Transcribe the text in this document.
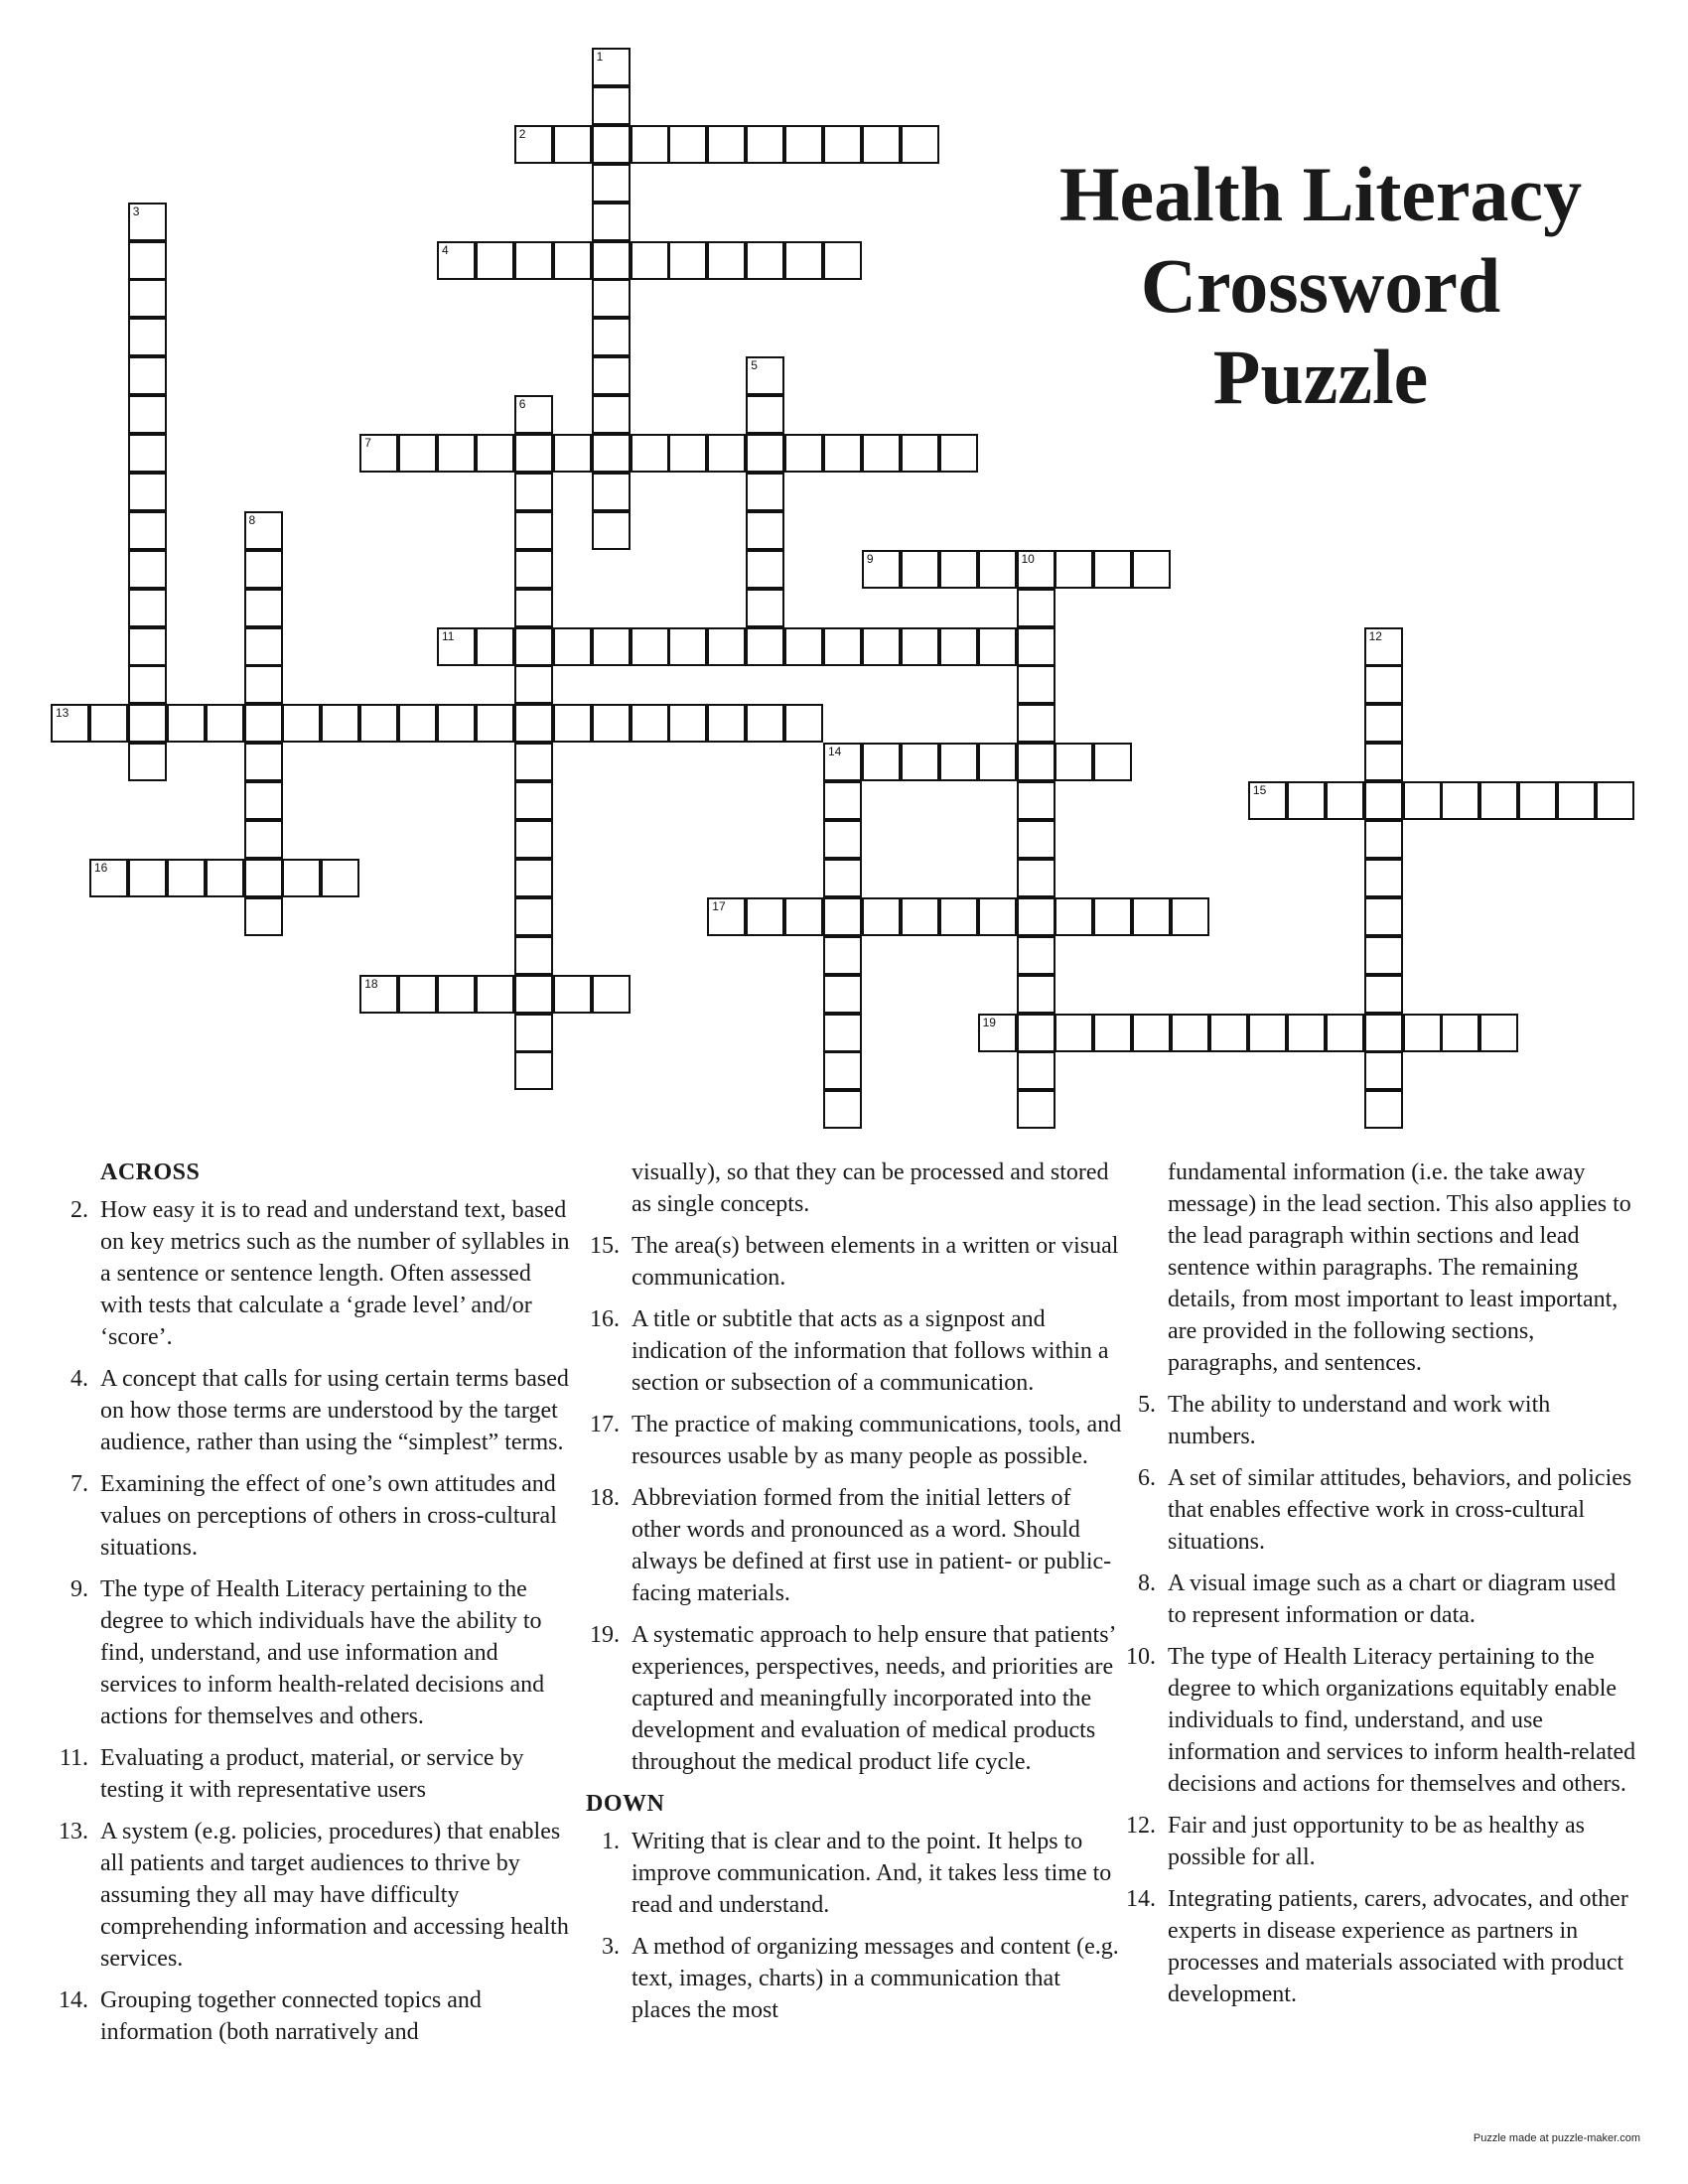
1
2
3
4
5
6
7
8
9	10
11	12
13
14
15
16
17
18
19
Health Literacy
Crossword
Puzzle
ACROSS
2. How easy it is to read and understand text, based on key metrics such as the number of syllables in a sentence or sentence length. Often assessed with tests that calculate a ‘grade level’ and/or ‘score’.
4. A concept that calls for using certain terms based on how those terms are understood by the target audience, rather than using the “simplest” terms.
7. Examining the effect of one’s own attitudes and values on perceptions of others in cross-cultural situations.
9. The type of Health Literacy pertaining to the degree to which individuals have the ability to find, understand, and use information and services to inform health-related decisions and actions for themselves and others.
11. Evaluating a product, material, or service by testing it with representative users
13. A system (e.g. policies, procedures) that enables all patients and target audiences to thrive by assuming they all may have difficulty comprehending information and accessing health services.
14. Grouping together connected topics and information (both narratively and
visually), so that they can be processed and stored as single concepts.
15. The area(s) between elements in a written or visual communication.
16. A title or subtitle that acts as a signpost and indication of the information that follows within a section or subsection of a communication.
17. The practice of making communications, tools, and resources usable by as many people as possible.
18. Abbreviation formed from the initial letters of other words and pronounced as a word. Should always be defined at first use in patient- or public-facing materials.
19. A systematic approach to help ensure that patients’ experiences, perspectives, needs, and priorities are captured and meaningfully incorporated into the development and evaluation of medical products throughout the medical product life cycle.
DOWN
1. Writing that is clear and to the point. It helps to improve communication. And, it takes less time to read and understand.
3. A method of organizing messages and content (e.g. text, images, charts) in a communication that places the most
fundamental information (i.e. the take away message) in the lead section. This also applies to the lead paragraph within sections and lead sentence within paragraphs. The remaining details, from most important to least important, are provided in the following sections, paragraphs, and sentences.
5. The ability to understand and work with numbers.
6. A set of similar attitudes, behaviors, and policies that enables effective work in cross-cultural situations.
8. A visual image such as a chart or diagram used to represent information or data.
10. The type of Health Literacy pertaining to the degree to which organizations equitably enable individuals to find, understand, and use information and services to inform health-related decisions and actions for themselves and others.
12. Fair and just opportunity to be as healthy as possible for all.
14. Integrating patients, carers, advocates, and other experts in disease experience as partners in processes and materials associated with product development.
Puzzle made at puzzle-maker.com
